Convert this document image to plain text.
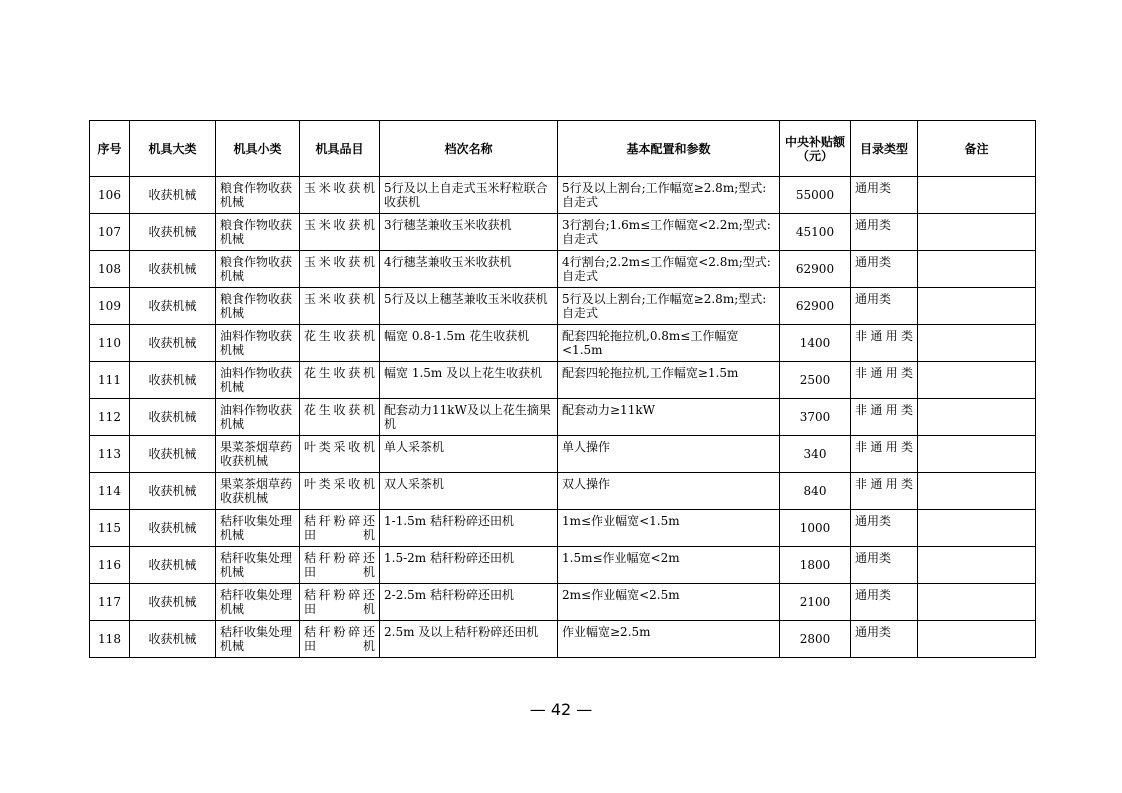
序号	机具大类	机具小类	机具品目	档次名称	基本配置和参数	中央补贴额（元）	目录类型	备注
106	收获机械	粮食作物收获机械	玉米收获机	5行及以上自走式玉米籽粒联合收获机	5行及以上割台;工作幅宽≥2.8m;型式:自走式	55000	通用类	

107	收获机械	粮食作物收获机械	玉米收获机	3行穗茎兼收玉米收获机	3行割台;1.6m≤工作幅宽<2.2m;型式:自走式	45100	通用类	

108	收获机械	粮食作物收获机械	玉米收获机	4行穗茎兼收玉米收获机	4行割台;2.2m≤工作幅宽<2.8m;型式:自走式	62900	通用类	

109	收获机械	粮食作物收获机械	玉米收获机	5行及以上穗茎兼收玉米收获机	5行及以上割台;工作幅宽≥2.8m;型式:自走式	62900	通用类	

110	收获机械	油料作物收获机械	花生收获机	幅宽 0.8-1.5m 花生收获机	配套四轮拖拉机,0.8m≤工作幅宽<1.5m	1400	非通用类	

111	收获机械	油料作物收获机械	花生收获机	幅宽 1.5m 及以上花生收获机	配套四轮拖拉机,工作幅宽≥1.5m	2500	非通用类	

112	收获机械	油料作物收获机械	花生收获机	配套动力11kW及以上花生摘果机	配套动力≥11kW	3700	非通用类	

113	收获机械	果菜茶烟草药收获机械	叶类采收机	单人采茶机	单人操作	340	非通用类	

114	收获机械	果菜茶烟草药收获机械	叶类采收机	双人采茶机	双人操作	840	非通用类	

115	收获机械	秸秆收集处理机械	秸秆粉碎还田机	1-1.5m 秸秆粉碎还田机	1m≤作业幅宽<1.5m	1000	通用类	

116	收获机械	秸秆收集处理机械	秸秆粉碎还田机	1.5-2m 秸秆粉碎还田机	1.5m≤作业幅宽<2m	1800	通用类	

117	收获机械	秸秆收集处理机械	秸秆粉碎还田机	2-2.5m 秸秆粉碎还田机	2m≤作业幅宽<2.5m	2100	通用类	

118	收获机械	秸秆收集处理机械	秸秆粉碎还田机	2.5m 及以上秸秆粉碎还田机	作业幅宽≥2.5m	2800	通用类	

— 42 —
